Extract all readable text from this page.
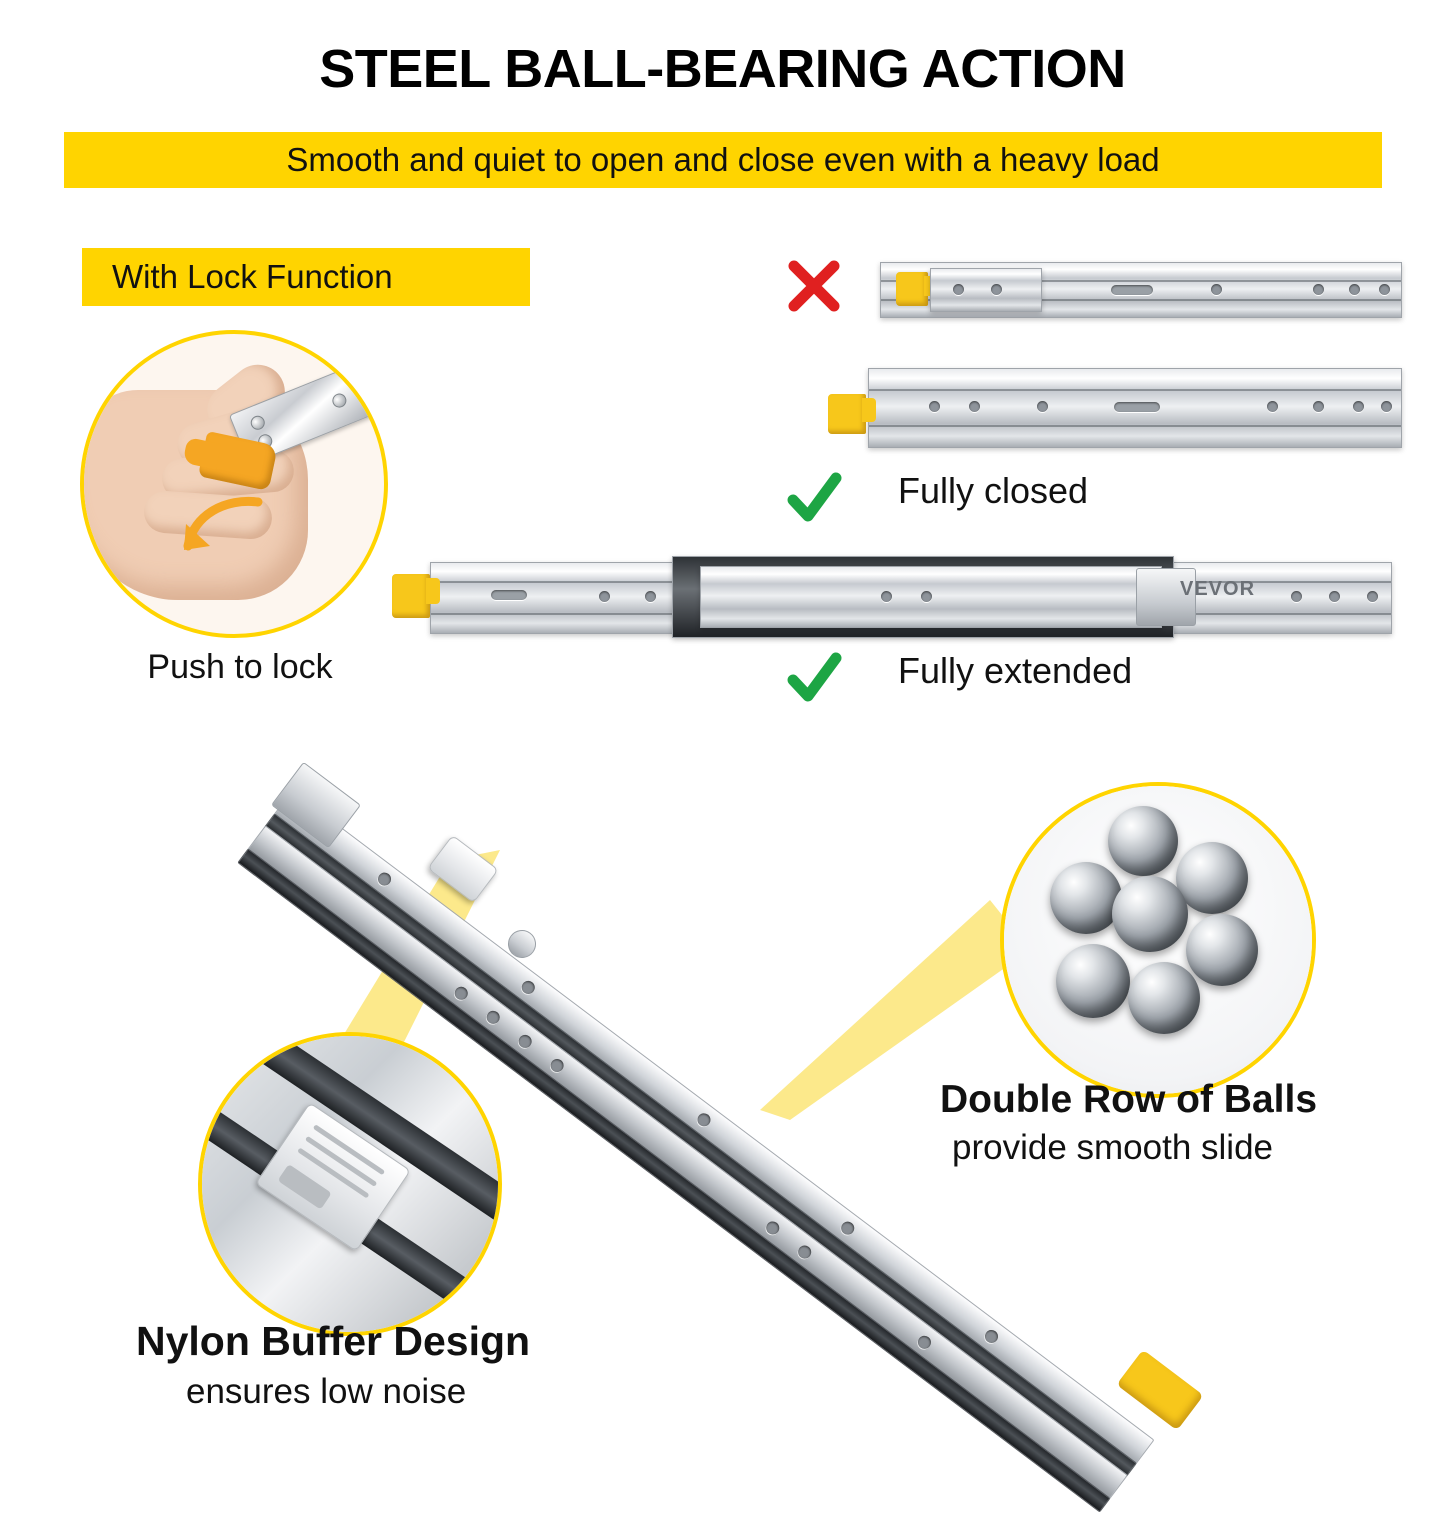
STEEL BALL-BEARING ACTION
Smooth and quiet to open and close even with a heavy load
With Lock Function
Push to lock
Fully closed
VEVOR
Fully extended
Double Row of Balls
provide smooth slide
Nylon Buffer Design
ensures low noise
